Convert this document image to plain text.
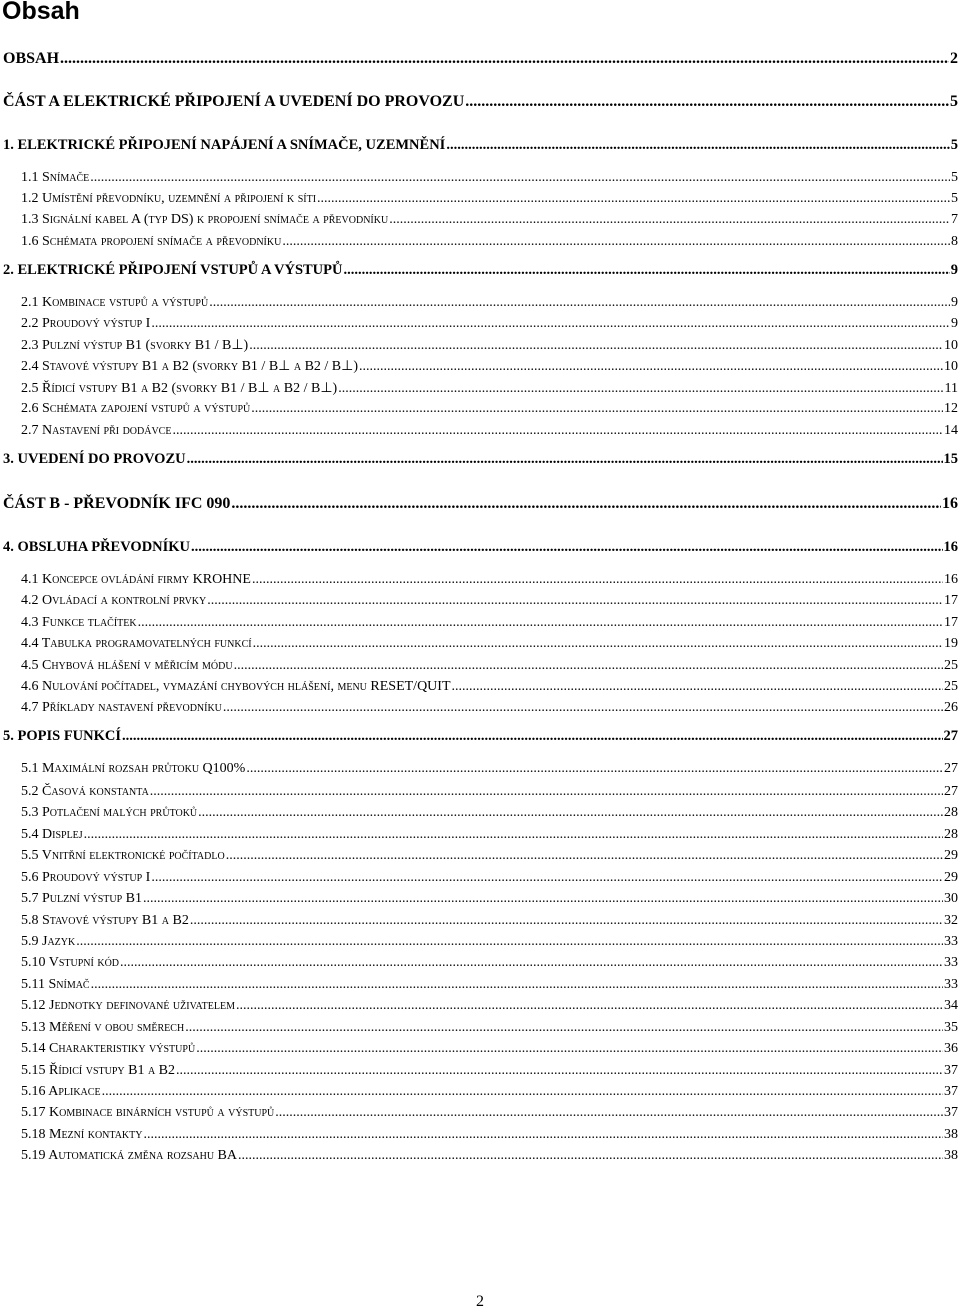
Obsah
OBSAH .....	2
ČÁST A ELEKTRICKÉ PŘIPOJENÍ A UVEDENÍ DO PROVOZU .....	5
1. ELEKTRICKÉ PŘIPOJENÍ NAPÁJENÍ A SNÍMAČE, UZEMNĚNÍ .....	5
1.1 Snímače .....	5
1.2 Umístění převodníku, uzemnění a připojení k síti .....	5
1.3 Signální kabel A (typ DS) k propojení snímače a převodníku .....	7
1.6 Schémata propojení snímače a převodníku .....	8
2. ELEKTRICKÉ PŘIPOJENÍ VSTUPŮ A VÝSTUPŮ .....	9
2.1 Kombinace vstupů a výstupů .....	9
2.2 Proudový výstup I .....	9
2.3 Pulzní výstup B1 (svorky B1 / B⊥) .....	10
2.4 Stavové výstupy B1 a B2 (svorky B1 / B⊥ a B2 / B⊥) .....	10
2.5 Řídicí vstupy B1 a B2 (svorky B1 / B⊥ a B2 / B⊥) .....	11
2.6 Schémata zapojení vstupů a výstupů .....	12
2.7 Nastavení při dodávce .....	14
3. UVEDENÍ DO PROVOZU .....	15
ČÁST B - PŘEVODNÍK IFC 090 .....	16
4. OBSLUHA PŘEVODNÍKU .....	16
4.1 Koncepce ovládání firmy KROHNE .....	16
4.2 Ovládací a kontrolní prvky .....	17
4.3 Funkce tlačítek .....	17
4.4 Tabulka programovatelných funkcí .....	19
4.5 Chybová hlášení v měřicím módu .....	25
4.6 Nulování počítadel, vymazání chybových hlášení, menu RESET/QUIT .....	25
4.7 Příklady nastavení převodníku .....	26
5. POPIS FUNKCÍ .....	27
5.1 Maximální rozsah průtoku Q100% .....	27
5.2 Časová konstanta .....	27
5.3 Potlačení malých průtoků .....	28
5.4 Displej .....	28
5.5 Vnitřní elektronické počítadlo .....	29
5.6 Proudový výstup I .....	29
5.7 Pulzní výstup B1 .....	30
5.8 Stavové výstupy B1 a B2 .....	32
5.9 Jazyk .....	33
5.10 Vstupní kód .....	33
5.11 Snímač .....	33
5.12 Jednotky definované uživatelem .....	34
5.13 Měření v obou směrech .....	35
5.14 Charakteristiky výstupů .....	36
5.15 Řídicí vstupy B1 a B2 .....	37
5.16 Aplikace .....	37
5.17 Kombinace binárních vstupů a výstupů .....	37
5.18 Mezní kontakty .....	38
5.19 Automatická změna rozsahu BA .....	38
2
